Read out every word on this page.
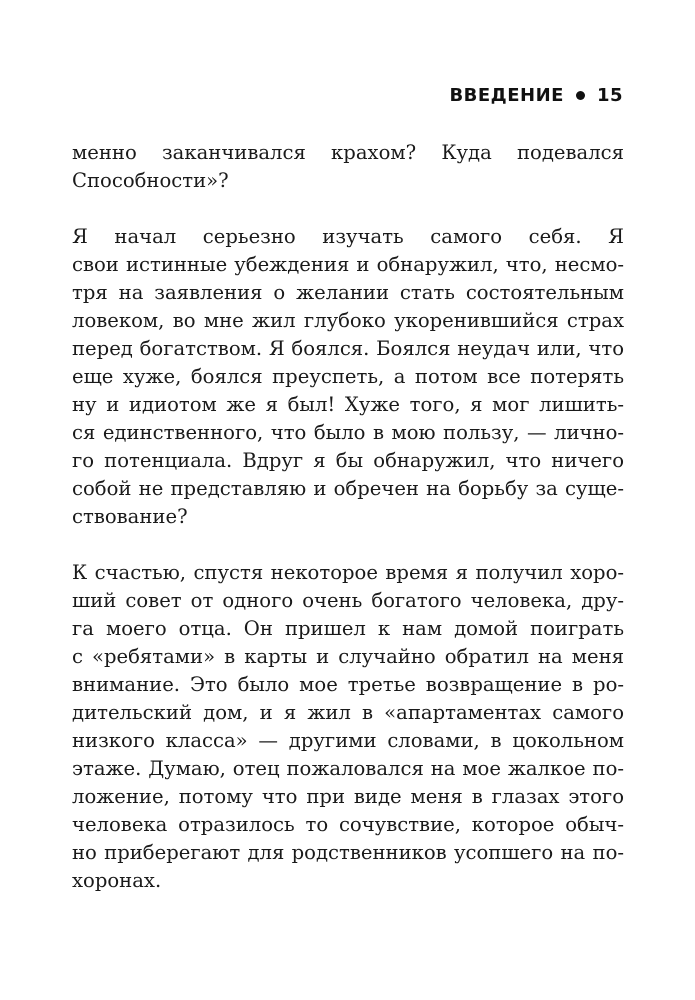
ВВЕДЕНИЕ 15
менно заканчивался крахом? Куда подевался
Способности»?
Я начал серьезно изучать самого себя. Я
свои истинные убеждения и обнаружил, что, несмо-
тря на заявления о желании стать состоятельным
ловеком, во мне жил глубоко укоренившийся страх
перед богатством. Я боялся. Боялся неудач или, что
еще хуже, боялся преуспеть, а потом все потерять
ну и идиотом же я был! Хуже того, я мог лишить-
ся единственного, что было в мою пользу, — лично-
го потенциала. Вдруг я бы обнаружил, что ничего
собой не представляю и обречен на борьбу за суще-
ствование?
К счастью, спустя некоторое время я получил хоро-
ший совет от одного очень богатого человека, дру-
га моего отца. Он пришел к нам домой поиграть
с «ребятами» в карты и случайно обратил на меня
внимание. Это было мое третье возвращение в ро-
дительский дом, и я жил в «апартаментах самого
низкого класса» — другими словами, в цокольном
этаже. Думаю, отец пожаловался на мое жалкое по-
ложение, потому что при виде меня в глазах этого
человека отразилось то сочувствие, которое обыч-
но приберегают для родственников усопшего на по-
хоронах.
